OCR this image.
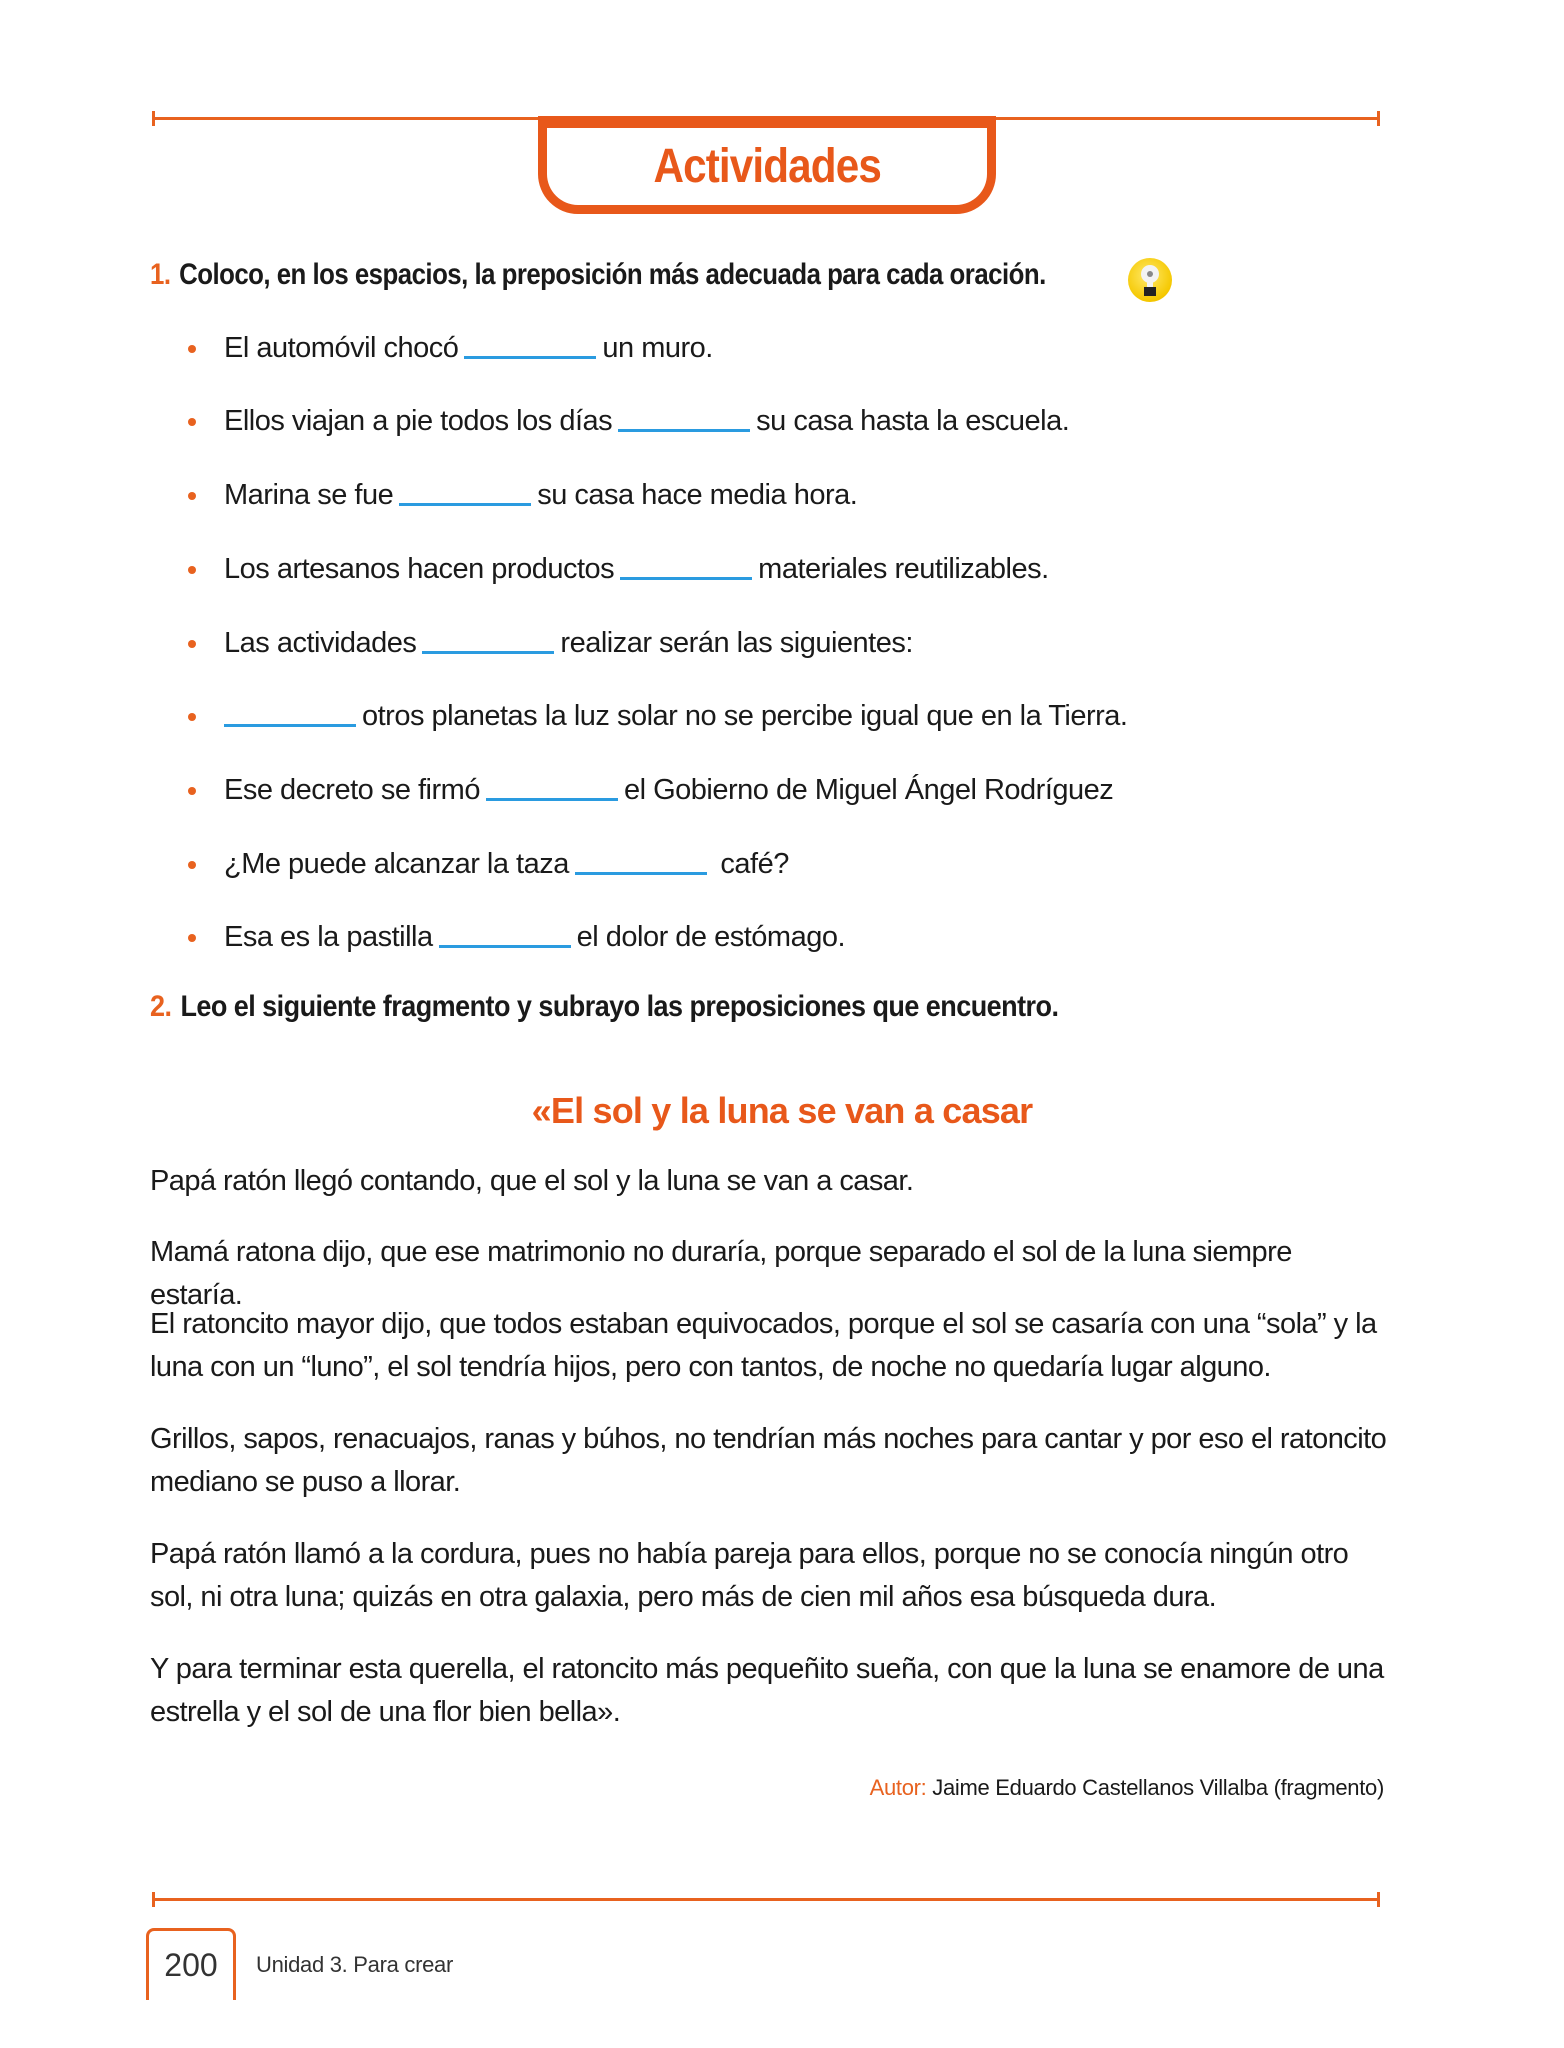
Actividades
1. Coloco, en los espacios, la preposición más adecuada para cada oración.
El automóvil chocó	un muro.
Ellos viajan a pie todos los días	su casa hasta la escuela.
Marina se fue	su casa hace media hora.
Los artesanos hacen productos	materiales reutilizables.
Las actividades	realizar serán las siguientes:
otros planetas la luz solar no se percibe igual que en la Tierra.
Ese decreto se firmó	el Gobierno de Miguel Ángel Rodríguez
¿Me puede alcanzar la taza	café?
Esa es la pastilla	el dolor de estómago.
2. Leo el siguiente fragmento y subrayo las preposiciones que encuentro.
«El sol y la luna se van a casar
Papá ratón llegó contando, que el sol y la luna se van a casar.
Mamá ratona dijo, que ese matrimonio no duraría, porque separado el sol de la luna siempre estaría.
El ratoncito mayor dijo, que todos estaban equivocados, porque el sol se casaría con una “sola” y la luna con un “luno”, el sol tendría hijos, pero con tantos, de noche no quedaría lugar alguno.
Grillos, sapos, renacuajos, ranas y búhos, no tendrían más noches para cantar y por eso el ratoncito mediano se puso a llorar.
Papá ratón llamó a la cordura, pues no había pareja para ellos, porque no se conocía ningún otro sol, ni otra luna; quizás en otra galaxia, pero más de cien mil años esa búsqueda dura.
Y para terminar esta querella, el ratoncito más pequeñito sueña, con que la luna se enamore de una estrella y el sol de una flor bien bella».
Autor: Jaime Eduardo Castellanos Villalba (fragmento)
200 Unidad 3. Para crear
